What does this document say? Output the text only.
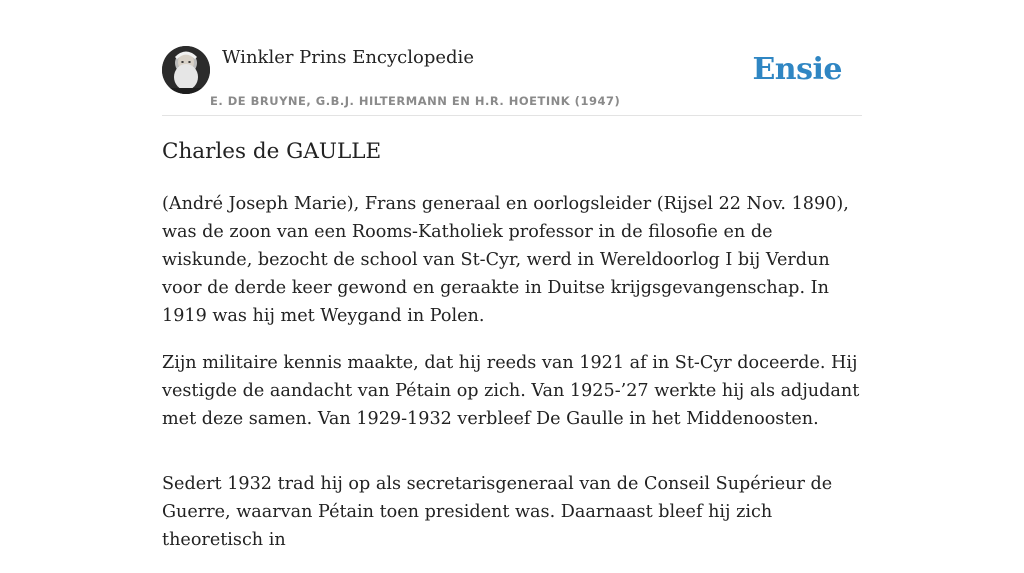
Winkler Prins Encyclopedie
E. DE BRUYNE, G.B.J. HILTERMANN EN H.R. HOETINK (1947)
Ensie
Charles de GAULLE

(André Joseph Marie), Frans generaal en oorlogsleider (Rijsel 22 Nov. 1890), was de zoon van een Rooms-Katholiek professor in de filosofie en de wiskunde, bezocht de school van St-Cyr, werd in Wereldoorlog I bij Verdun voor de derde keer gewond en geraakte in Duitse krijgsgevangenschap. In 1919 was hij met Weygand in Polen.

Zijn militaire kennis maakte, dat hij reeds van 1921 af in St-Cyr doceerde. Hij vestigde de aandacht van Pétain op zich. Van 1925-’27 werkte hij als adjudant met deze samen. Van 1929-1932 verbleef De Gaulle in het Middenoosten.

Sedert 1932 trad hij op als secretarisgeneraal van de Conseil Supérieur de Guerre, waarvan Pétain toen president was. Daarnaast bleef hij zich theoretisch in
